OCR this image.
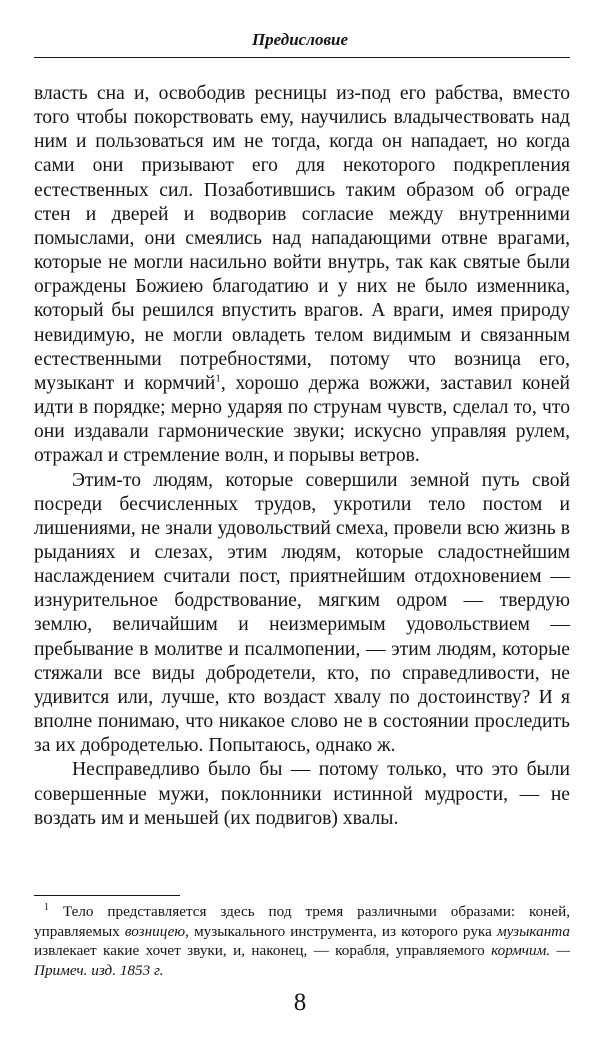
Предисловие

власть сна и, освободив ресницы из-под его рабства, вместо того чтобы покорствовать ему, научились владычествовать над ним и пользоваться им не тогда, когда он нападает, но когда сами они призывают его для некоторого подкрепления естественных сил. Позаботившись таким образом об ограде стен и дверей и водворив согласие между внутренними помыслами, они смеялись над нападающими отвне врагами, которые не могли насильно войти внутрь, так как святые были ограждены Божиею благодатию и у них не было изменника, который бы решился впустить врагов. А враги, имея природу невидимую, не могли овладеть телом видимым и связанным естественными потребностями, потому что возница его, музыкант и кормчий$^1$, хорошо держа вожжи, заставил коней идти в порядке; мерно ударяя по струнам чувств, сделал то, что они издавали гармонические звуки; искусно управляя рулем, отражал и стремление волн, и порывы ветров.

Этим-то людям, которые совершили земной путь свой посреди бесчисленных трудов, укротили тело постом и лишениями, не знали удовольствий смеха, провели всю жизнь в рыданиях и слезах, этим людям, которые сладостнейшим наслаждением считали пост, приятнейшим отдохновением — изнурительное бодрствование, мягким одром — твердую землю, величайшим и неизмеримым удовольствием — пребывание в молитве и псалмопении, — этим людям, которые стяжали все виды добродетели, кто, по справедливости, не удивится или, лучше, кто воздаст хвалу по достоинству? И я вполне понимаю, что никакое слово не в состоянии проследить за их добродетелью. Попытаюсь, однако ж.

Несправедливо было бы — потому только, что это были совершенные мужи, поклонники истинной мудрости, — не воздать им и меньшей (их подвигов) хвалы.

$^1$ Тело представляется здесь под тремя различными образами: коней, управляемых возницею, музыкального инструмента, из которого рука музыканта извлекает какие хочет звуки, и, наконец, — корабля, управляемого кормчим. — Примеч. изд. 1853 г.
8
